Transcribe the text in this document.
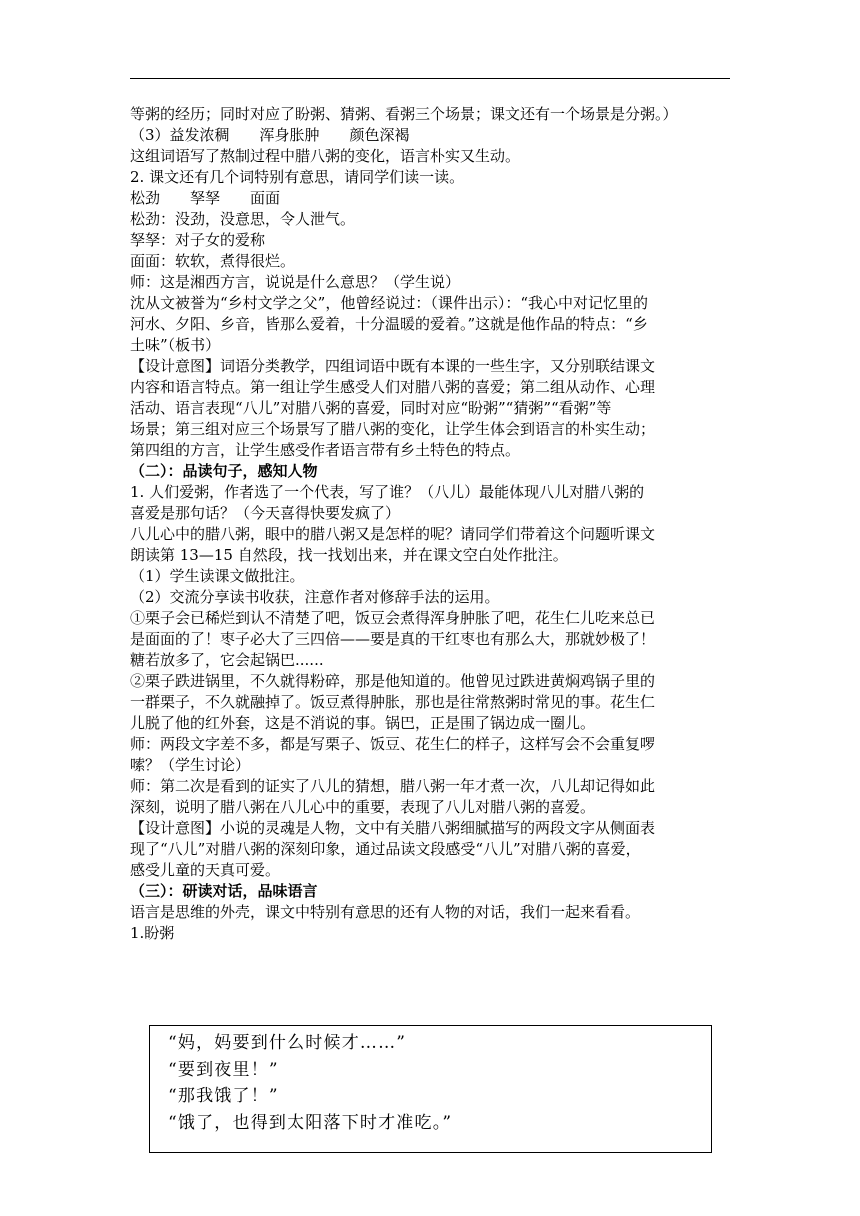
等粥的经历；同时对应了盼粥、猜粥、看粥三个场景；课文还有一个场景是分粥。）
（3）益发浓稠　　浑身胀肿　　颜色深褐
这组词语写了熬制过程中腊八粥的变化，语言朴实又生动。
2. 课文还有几个词特别有意思，请同学们读一读。
松劲　　孥孥　　面面
松劲：没劲，没意思，令人泄气。
孥孥：对子女的爱称
面面：软软，煮得很烂。
师：这是湘西方言，说说是什么意思？（学生说）
沈从文被誉为“乡村文学之父”，他曾经说过：（课件出示）：“我心中对记忆里的
河水、夕阳、乡音，皆那么爱着，十分温暖的爱着。”这就是他作品的特点：“乡
土味”（板书）
【设计意图】词语分类教学，四组词语中既有本课的一些生字，又分别联结课文
内容和语言特点。第一组让学生感受人们对腊八粥的喜爱；第二组从动作、心理
活动、语言表现“八儿”对腊八粥的喜爱，同时对应“盼粥”“猜粥”“看粥”等
场景；第三组对应三个场景写了腊八粥的变化，让学生体会到语言的朴实生动；
第四组的方言，让学生感受作者语言带有乡土特色的特点。
（二）：品读句子，感知人物
1. 人们爱粥，作者选了一个代表，写了谁？（八儿）最能体现八儿对腊八粥的
喜爱是那句话？（今天喜得快要发疯了）
八儿心中的腊八粥，眼中的腊八粥又是怎样的呢？请同学们带着这个问题听课文
朗读第 13—15 自然段，找一找划出来，并在课文空白处作批注。
（1）学生读课文做批注。
（2）交流分享读书收获，注意作者对修辞手法的运用。
①栗子会已稀烂到认不清楚了吧，饭豆会煮得浑身肿胀了吧，花生仁儿吃来总已
是面面的了！枣子必大了三四倍——要是真的干红枣也有那么大，那就妙极了！
糖若放多了，它会起锅巴......
②栗子跌进锅里，不久就得粉碎，那是他知道的。他曾见过跌进黄焖鸡锅子里的
一群栗子，不久就融掉了。饭豆煮得肿胀，那也是往常熬粥时常见的事。花生仁
儿脱了他的红外套，这是不消说的事。锅巴，正是围了锅边成一圈儿。
师：两段文字差不多，都是写栗子、饭豆、花生仁的样子，这样写会不会重复啰
嗦？（学生讨论）
师：第二次是看到的证实了八儿的猜想，腊八粥一年才煮一次，八儿却记得如此
深刻，说明了腊八粥在八儿心中的重要，表现了八儿对腊八粥的喜爱。
【设计意图】小说的灵魂是人物，文中有关腊八粥细腻描写的两段文字从侧面表
现了“八儿”对腊八粥的深刻印象，通过品读文段感受“八儿”对腊八粥的喜爱，
感受儿童的天真可爱。
（三）：研读对话，品味语言
语言是思维的外壳，课文中特别有意思的还有人物的对话，我们一起来看看。
1.盼粥
“妈，妈要到什么时候才……”
“要到夜里！”
“那我饿了！”
“饿了，也得到太阳落下时才准吃。”
